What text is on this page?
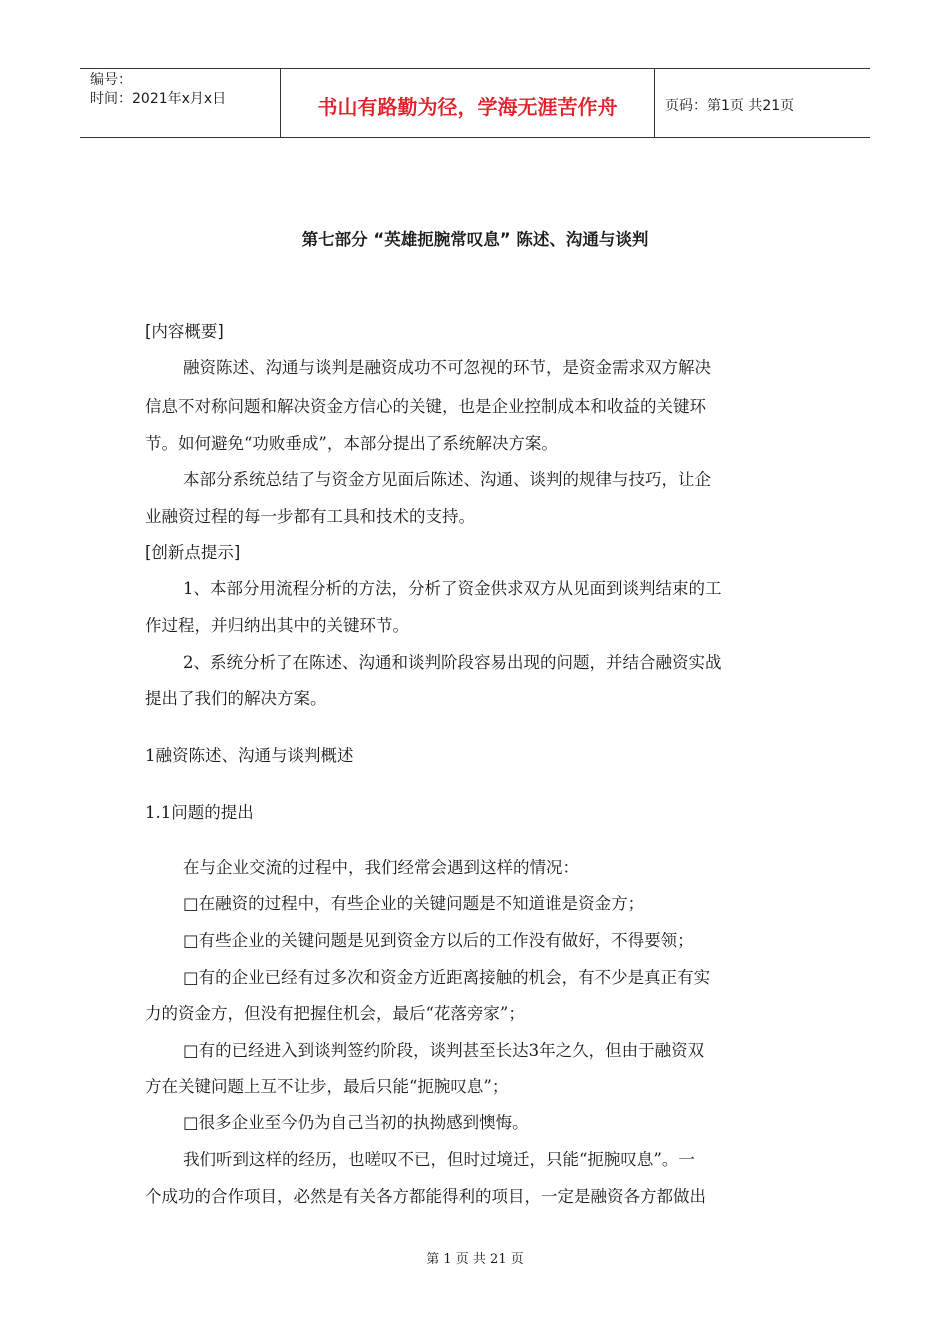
编号：
时间：2021年x月x日	书山有路勤为径，学海无涯苦作舟	页码：第1页 共21页
第七部分 “英雄扼腕常叹息” 陈述、沟通与谈判
[内容概要]
融资陈述、沟通与谈判是融资成功不可忽视的环节，是资金需求双方解决
信息不对称问题和解决资金方信心的关键，也是企业控制成本和收益的关键环
节。如何避免“功败垂成”，本部分提出了系统解决方案。
本部分系统总结了与资金方见面后陈述、沟通、谈判的规律与技巧，让企
业融资过程的每一步都有工具和技术的支持。
[创新点提示]
1、本部分用流程分析的方法，分析了资金供求双方从见面到谈判结束的工
作过程，并归纳出其中的关键环节。
2、系统分析了在陈述、沟通和谈判阶段容易出现的问题，并结合融资实战
提出了我们的解决方案。
1融资陈述、沟通与谈判概述
1.1问题的提出
在与企业交流的过程中，我们经常会遇到这样的情况：
□在融资的过程中，有些企业的关键问题是不知道谁是资金方；
□有些企业的关键问题是见到资金方以后的工作没有做好，不得要领；
□有的企业已经有过多次和资金方近距离接触的机会，有不少是真正有实
力的资金方，但没有把握住机会，最后“花落旁家”；
□有的已经进入到谈判签约阶段，谈判甚至长达3年之久，但由于融资双
方在关键问题上互不让步，最后只能“扼腕叹息”；
□很多企业至今仍为自己当初的执拗感到懊悔。
我们听到这样的经历，也嗟叹不已，但时过境迁，只能“扼腕叹息”。一
个成功的合作项目，必然是有关各方都能得利的项目，一定是融资各方都做出
第 1 页 共 21 页
